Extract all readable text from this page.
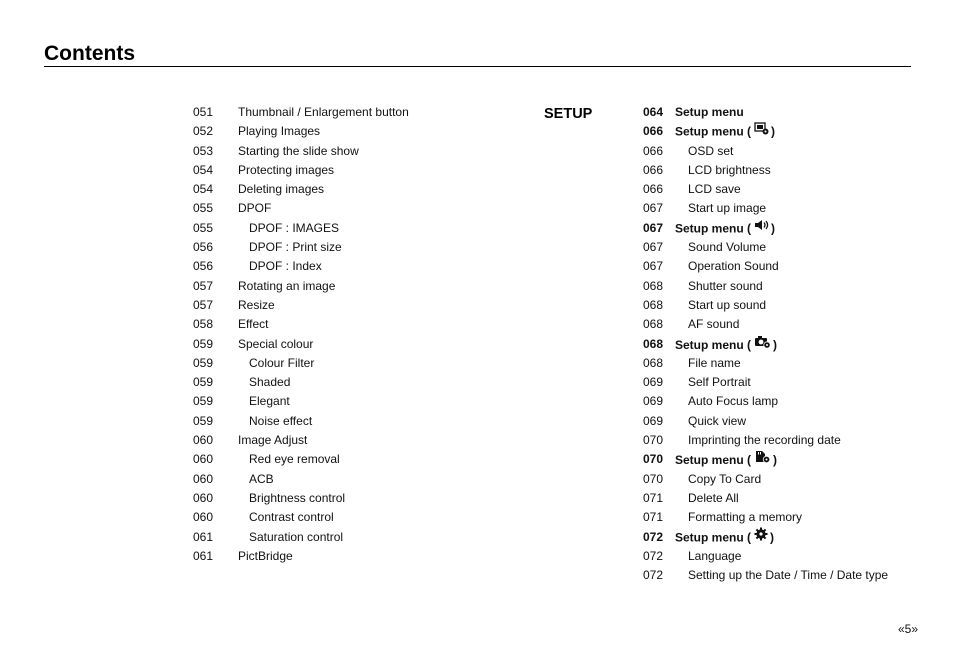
Contents
051 Thumbnail / Enlargement button
052 Playing Images
053 Starting the slide show
054 Protecting images
054 Deleting images
055 DPOF
055	DPOF : IMAGES
056	DPOF : Print size
056	DPOF : Index
057 Rotating an image
057 Resize
058 Effect
059 Special colour
059	Colour Filter
059	Shaded
059	Elegant
059	Noise effect
060 Image Adjust
060	Red eye removal
060	ACB
060	Brightness control
060	Contrast control
061	Saturation control
061 PictBridge
SETUP	064 Setup menu
066 Setup menu ( )
066 OSD set
066 LCD brightness
066 LCD save
067 Start up image
067 Setup menu ( )
067 Sound Volume
067 Operation Sound
068 Shutter sound
068 Start up sound
068 AF sound
068 Setup menu ( )
068 File name
069 Self Portrait
069 Auto Focus lamp
069 Quick view
070 Imprinting the recording date
070 Setup menu ( )
070 Copy To Card
071 Delete All
071 Formatting a memory
072 Setup menu ( )
072 Language
072 Setting up the Date / Time / Date type
«5»
